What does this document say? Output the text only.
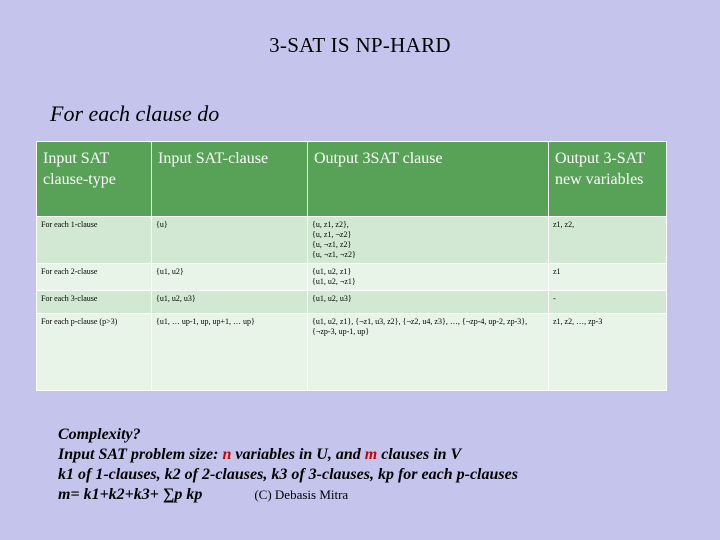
3-SAT IS NP-HARD
For each clause do
Input SAT clause-type	Input SAT-clause	Output 3SAT clause	Output 3-SAT new variables
For each 1-clause	{u}	{u, z1, z2},
{u, z1, ¬z2}
{u, ¬z1, z2}
{u, ¬z1, ¬z2}	z1, z2,
For each 2-clause	{u1, u2}	{u1, u2, z1}
{u1, u2, ¬z1}	z1
For each 3-clause	{u1, u2, u3}	{u1, u2, u3}	-
For each p-clause (p>3)	{u1, … up-1, up, up+1, … up}	{u1, u2, z1}, {¬z1, u3, z2}, {¬z2, u4, z3}, …, {¬zp-4, up-2, zp-3}, {¬zp-3, up-1, up}	z1, z2, …, zp-3
Complexity?
Input SAT problem size: n variables in U, and m clauses in V
k1 of 1-clauses, k2 of 2-clauses, k3 of 3-clauses, kp for each p-clauses
m= k1+k2+k3+ ∑p kp	(C) Debasis Mitra
